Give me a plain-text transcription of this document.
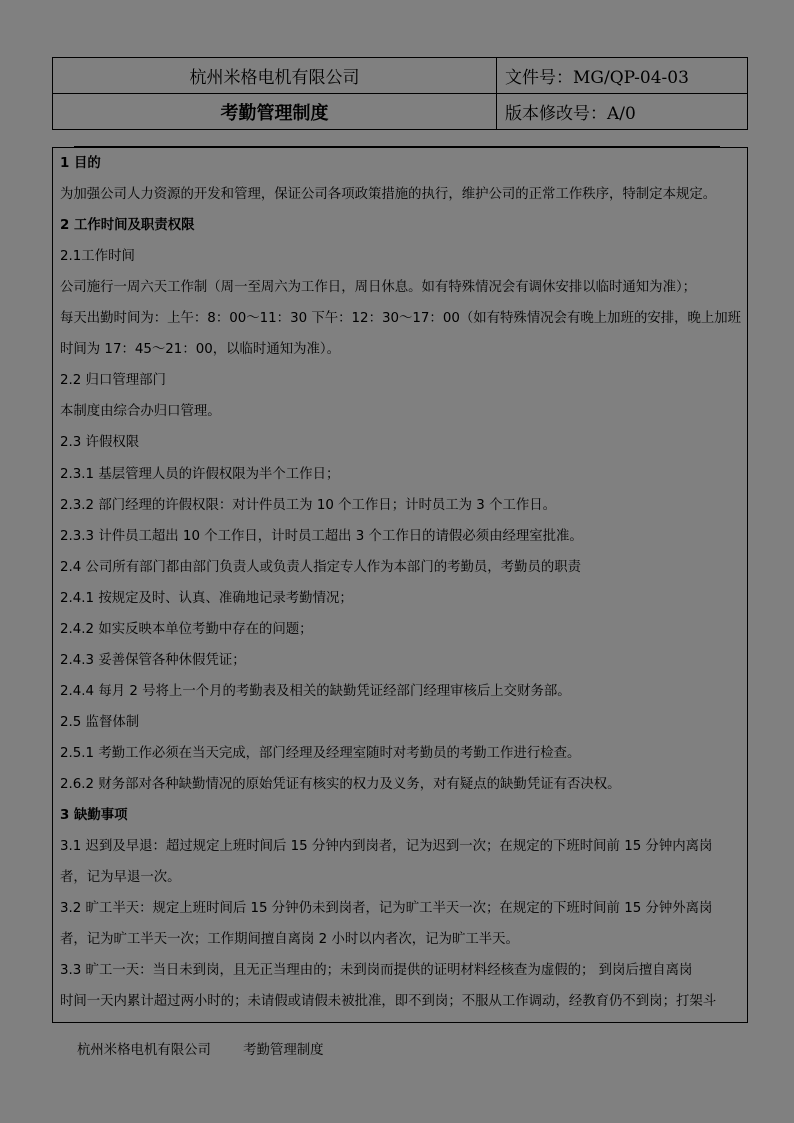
杭州米格电机有限公司	文件号：MG/QP-04-03
考勤管理制度	版本修改号：A/0
1 目的
为加强公司人力资源的开发和管理，保证公司各项政策措施的执行，维护公司的正常工作秩序，特制定本规定。
2 工作时间及职责权限
2.1工作时间
公司施行一周六天工作制（周一至周六为工作日，周日休息。如有特殊情况会有调休安排以临时通知为准）；
每天出勤时间为：上午：8：00～11：30 下午：12：30～17：00（如有特殊情况会有晚上加班的安排，晚上加班
时间为 17：45～21：00，以临时通知为准）。
2.2 归口管理部门
本制度由综合办归口管理。
2.3 许假权限
2.3.1 基层管理人员的许假权限为半个工作日；
2.3.2 部门经理的许假权限：对计件员工为 10 个工作日；计时员工为 3 个工作日。
2.3.3 计件员工超出 10 个工作日，计时员工超出 3 个工作日的请假必须由经理室批准。
2.4 公司所有部门都由部门负责人或负责人指定专人作为本部门的考勤员，考勤员的职责
2.4.1 按规定及时、认真、准确地记录考勤情况；
2.4.2 如实反映本单位考勤中存在的问题；
2.4.3 妥善保管各种休假凭证；
2.4.4 每月 2 号将上一个月的考勤表及相关的缺勤凭证经部门经理审核后上交财务部。
2.5 监督体制
2.5.1 考勤工作必须在当天完成，部门经理及经理室随时对考勤员的考勤工作进行检查。
2.6.2 财务部对各种缺勤情况的原始凭证有核实的权力及义务，对有疑点的缺勤凭证有否决权。
3 缺勤事项
3.1 迟到及早退：超过规定上班时间后 15 分钟内到岗者，记为迟到一次；在规定的下班时间前 15 分钟内离岗
者，记为早退一次。
3.2 旷工半天：规定上班时间后 15 分钟仍未到岗者，记为旷工半天一次；在规定的下班时间前 15 分钟外离岗
者，记为旷工半天一次；工作期间擅自离岗 2 小时以内者次，记为旷工半天。
3.3 旷工一天：当日未到岗，且无正当理由的；未到岗而提供的证明材料经核查为虚假的； 到岗后擅自离岗
时间一天内累计超过两小时的；未请假或请假未被批准，即不到岗；不服从工作调动，经教育仍不到岗；打架斗
杭州米格电机有限公司 考勤管理制度
